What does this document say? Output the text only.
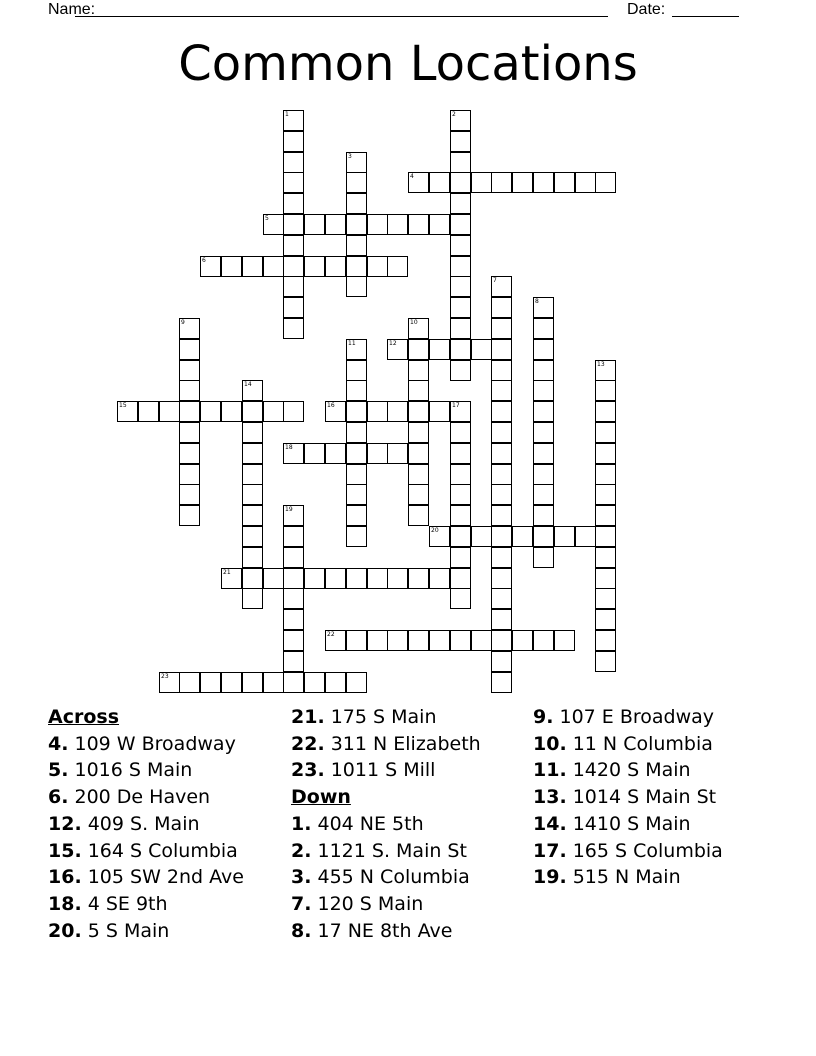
Name:	Date:
Common Locations
1	2
3
4
5
6
7
8
9	10
11	12
13
14
15	16	17
18
19
20
21
22
23
Across
4. 109 W Broadway
5. 1016 S Main
6. 200 De Haven
12. 409 S. Main
15. 164 S Columbia
16. 105 SW 2nd Ave
18. 4 SE 9th
20. 5 S Main
21. 175 S Main
22. 311 N Elizabeth
23. 1011 S Mill
Down
1. 404 NE 5th
2. 1121 S. Main St
3. 455 N Columbia
7. 120 S Main
8. 17 NE 8th Ave
9. 107 E Broadway
10. 11 N Columbia
11. 1420 S Main
13. 1014 S Main St
14. 1410 S Main
17. 165 S Columbia
19. 515 N Main
